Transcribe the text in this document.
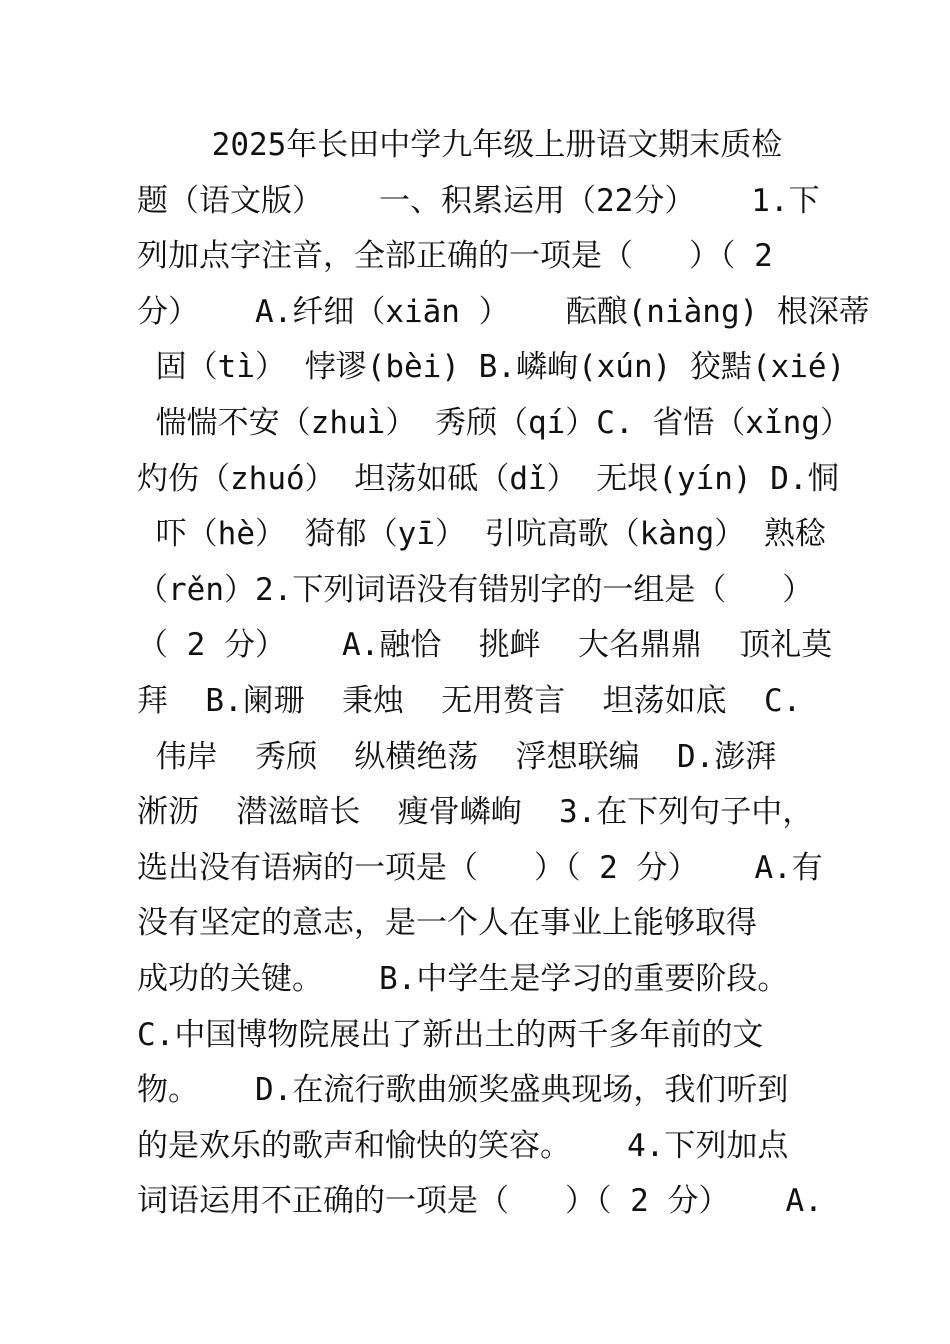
2025年长田中学九年级上册语文期末质检
题（语文版）   一、积累运用（22分）   1.下
列加点字注音，全部正确的一项是（   ）（ 2
分）   A.纤细（xiān ）   酝酿(niàng) 根深蒂
固（tì） 悖谬(bèi) B.嶙峋(xún) 狡黠(xié)
惴惴不安（zhuì） 秀颀（qí）C. 省悟（xǐng）
灼伤（zhuó） 坦荡如砥（dǐ） 无垠(yín) D.恫
吓（hè） 猗郁（yī） 引吭高歌（kàng） 熟稔
（rěn）2.下列词语没有错别字的一组是（   ）
（ 2 分）   A.融恰  挑衅  大名鼎鼎  顶礼莫
拜  B.阑珊  秉烛  无用赘言  坦荡如底  C.
伟岸  秀颀  纵横绝荡  浮想联编  D.澎湃
淅沥  潜滋暗长  瘦骨嶙峋  3.在下列句子中，
选出没有语病的一项是（   ）（ 2 分）   A.有
没有坚定的意志，是一个人在事业上能够取得
成功的关键。   B.中学生是学习的重要阶段。
C.中国博物院展出了新出土的两千多年前的文
物。   D.在流行歌曲颁奖盛典现场，我们听到
的是欢乐的歌声和愉快的笑容。   4.下列加点
词语运用不正确的一项是（   ）（ 2 分）   A.
